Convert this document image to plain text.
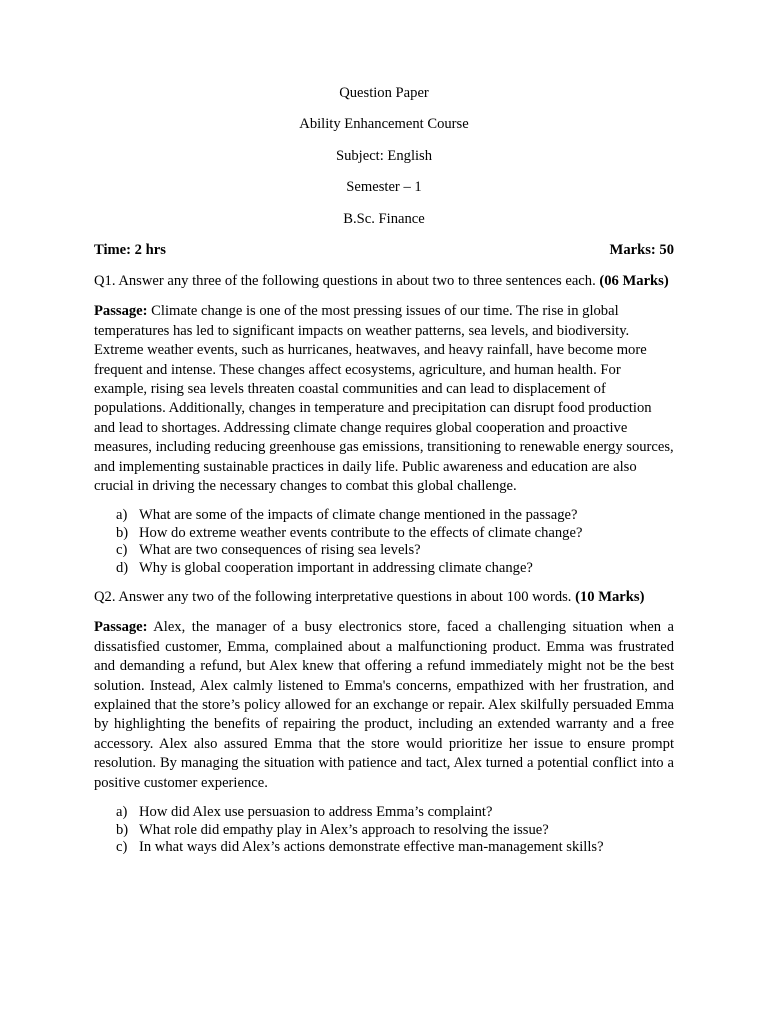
Question Paper
Ability Enhancement Course
Subject: English
Semester – 1
B.Sc. Finance
Time: 2 hrs	Marks: 50

Q1. Answer any three of the following questions in about two to three sentences each. (06 Marks)

Passage: Climate change is one of the most pressing issues of our time. The rise in global temperatures has led to significant impacts on weather patterns, sea levels, and biodiversity. Extreme weather events, such as hurricanes, heatwaves, and heavy rainfall, have become more frequent and intense. These changes affect ecosystems, agriculture, and human health. For example, rising sea levels threaten coastal communities and can lead to displacement of populations. Additionally, changes in temperature and precipitation can disrupt food production and lead to shortages. Addressing climate change requires global cooperation and proactive measures, including reducing greenhouse gas emissions, transitioning to renewable energy sources, and implementing sustainable practices in daily life. Public awareness and education are also crucial in driving the necessary changes to combat this global challenge.

a) What are some of the impacts of climate change mentioned in the passage?
b) How do extreme weather events contribute to the effects of climate change?
c) What are two consequences of rising sea levels?
d) Why is global cooperation important in addressing climate change?

Q2. Answer any two of the following interpretative questions in about 100 words. (10 Marks)

Passage: Alex, the manager of a busy electronics store, faced a challenging situation when a dissatisfied customer, Emma, complained about a malfunctioning product. Emma was frustrated and demanding a refund, but Alex knew that offering a refund immediately might not be the best solution. Instead, Alex calmly listened to Emma's concerns, empathized with her frustration, and explained that the store’s policy allowed for an exchange or repair. Alex skilfully persuaded Emma by highlighting the benefits of repairing the product, including an extended warranty and a free accessory. Alex also assured Emma that the store would prioritize her issue to ensure prompt resolution. By managing the situation with patience and tact, Alex turned a potential conflict into a positive customer experience.

a) How did Alex use persuasion to address Emma’s complaint?
b) What role did empathy play in Alex’s approach to resolving the issue?
c) In what ways did Alex’s actions demonstrate effective man-management skills?
